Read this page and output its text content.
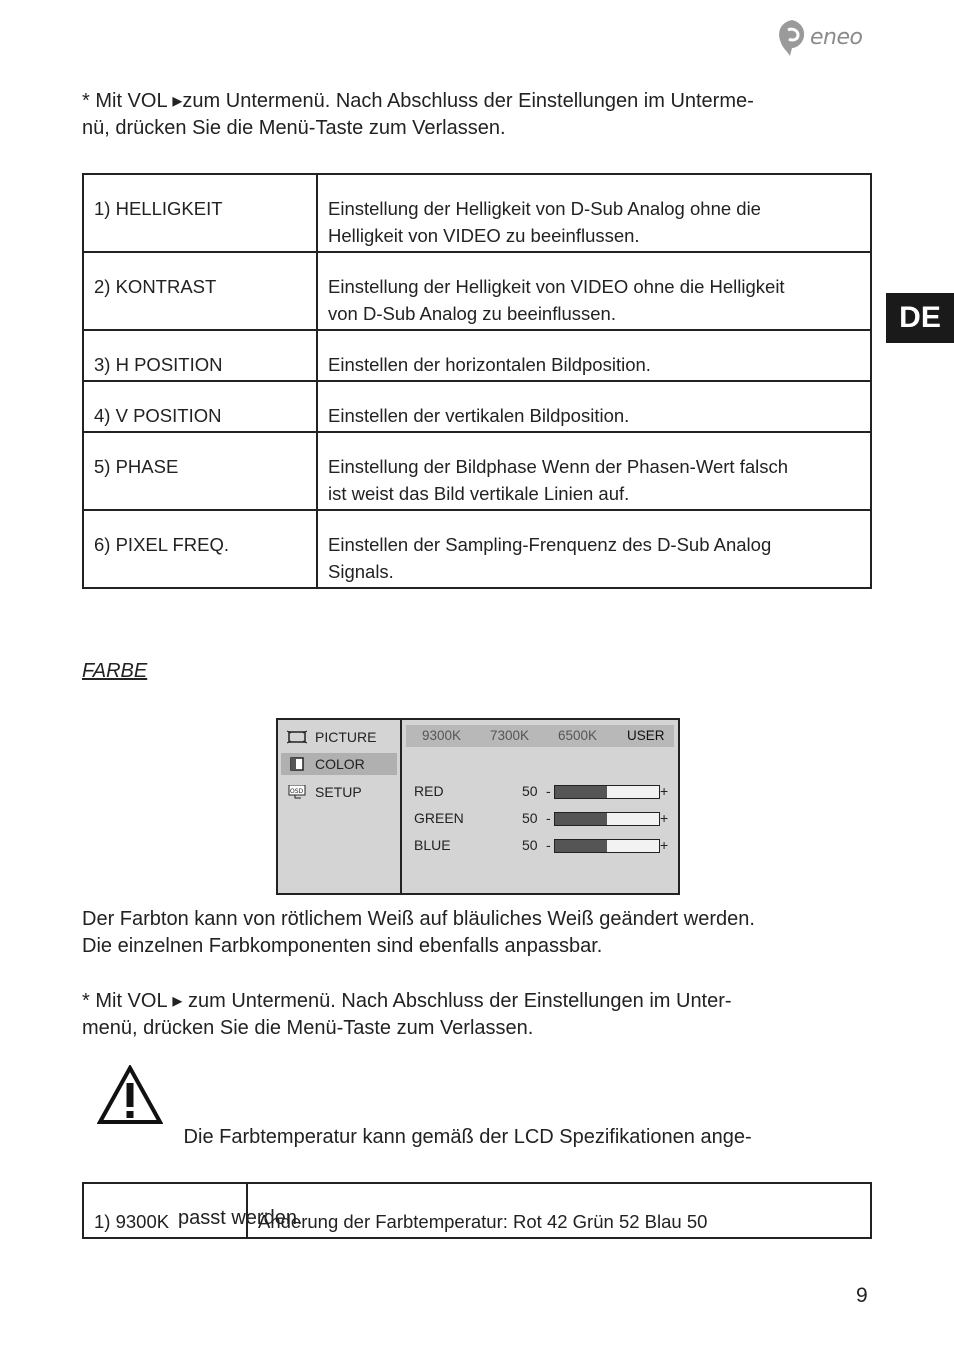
eneo
DE
* Mit VOL ▸zum Untermenü. Nach Abschluss der Einstellungen im Unterme-
nü, drücken Sie die Menü-Taste zum Verlassen.
1) HELLIGKEIT	Einstellung der Helligkeit von D-Sub Analog ohne die
Helligkeit von VIDEO zu beeinflussen.

2) KONTRAST	Einstellung der Helligkeit von VIDEO ohne die Helligkeit
von D-Sub Analog zu beeinflussen.

3) H POSITION	Einstellen der horizontalen Bildposition.

4) V POSITION	Einstellen der vertikalen Bildposition.

5) PHASE	Einstellung der Bildphase Wenn der Phasen-Wert falsch
ist weist das Bild vertikale Linien auf.

6) PIXEL FREQ.	Einstellen der Sampling-Frenquenz des D-Sub Analog
Signals.
FARBE
PICTURE
COLOR
OSD SETUP
9300K 7300K 6500K USER
RED	50 -	+
GREEN	50 -	+
BLUE	50 -	+
Der Farbton kann von rötlichem Weiß auf bläuliches Weiß geändert werden.
Die einzelnen Farbkomponenten sind ebenfalls anpassbar.
* Mit VOL ▸ zum Untermenü. Nach Abschluss der Einstellungen im Unter-
menü, drücken Sie die Menü-Taste zum Verlassen.

Die Farbtemperatur kann gemäß der LCD Spezifikationen ange-

passt werden.

1) 9300K	Änderung der Farbtemperatur: Rot 42 Grün 52 Blau 50
9
